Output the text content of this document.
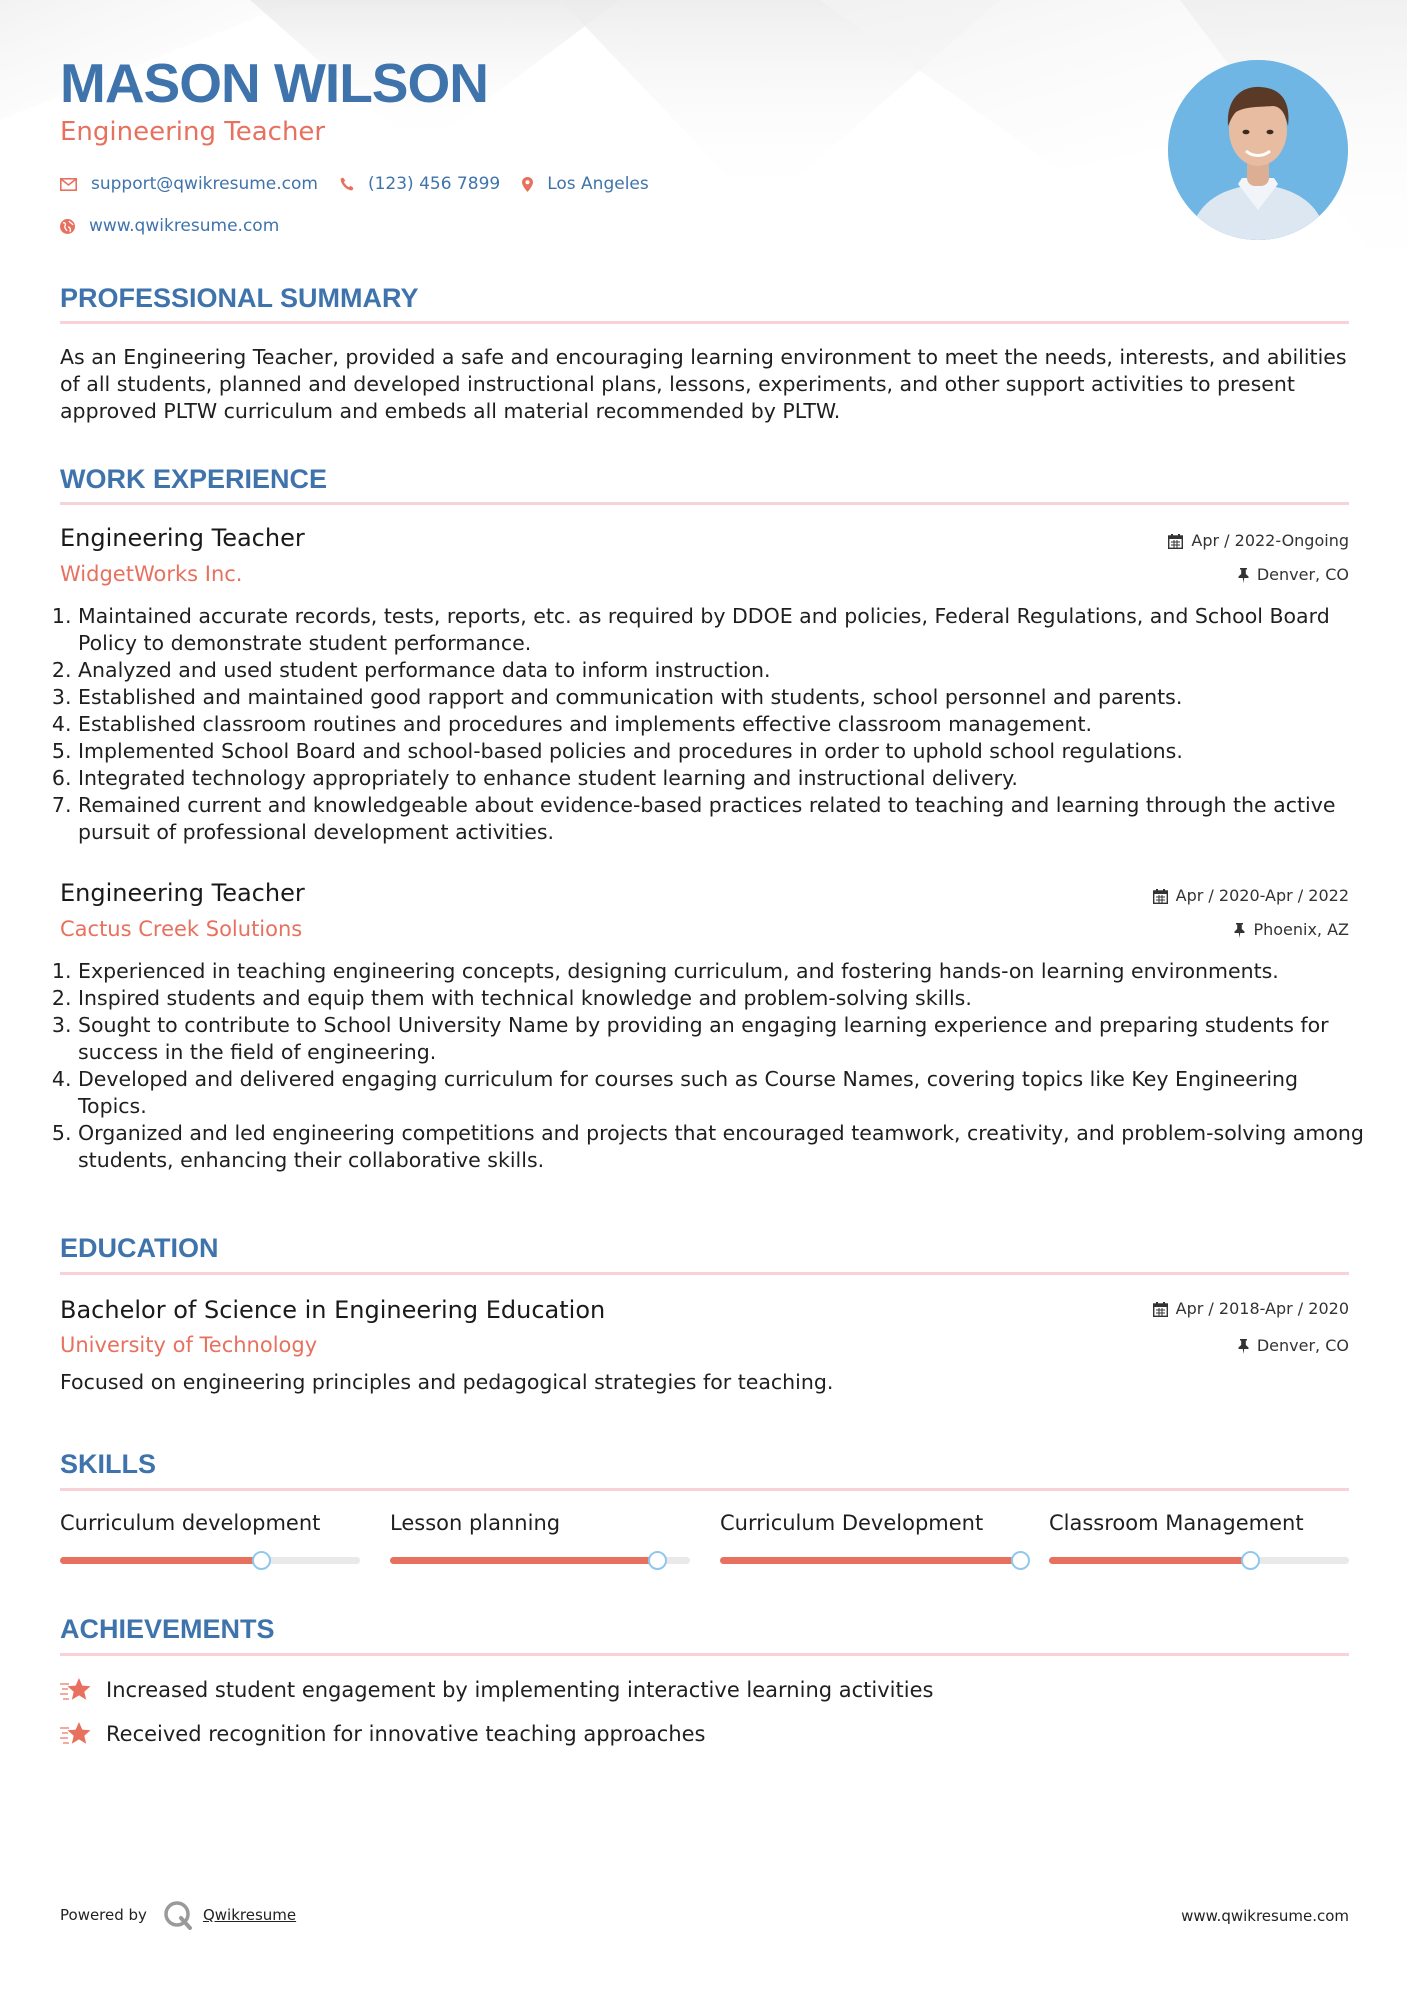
MASON WILSON
Engineering Teacher
support@qwikresume.com	(123) 456 7899	Los Angeles
www.qwikresume.com
PROFESSIONAL SUMMARY

As an Engineering Teacher, provided a safe and encouraging learning environment to meet the needs, interests, and abilities of all students, planned and developed instructional plans, lessons, experiments, and other support activities to present approved PLTW curriculum and embeds all material recommended by PLTW.

WORK EXPERIENCE
Engineering Teacher	Apr / 2022-Ongoing
WidgetWorks Inc.	Denver, CO
1. Maintained accurate records, tests, reports, etc. as required by DDOE and policies, Federal Regulations, and School Board Policy to demonstrate student performance.
2. Analyzed and used student performance data to inform instruction.
3. Established and maintained good rapport and communication with students, school personnel and parents.
4. Established classroom routines and procedures and implements effective classroom management.
5. Implemented School Board and school-based policies and procedures in order to uphold school regulations.
6. Integrated technology appropriately to enhance student learning and instructional delivery.
7. Remained current and knowledgeable about evidence-based practices related to teaching and learning through the active pursuit of professional development activities.
Engineering Teacher	Apr / 2020-Apr / 2022
Cactus Creek Solutions	Phoenix, AZ
1. Experienced in teaching engineering concepts, designing curriculum, and fostering hands-on learning environments.
2. Inspired students and equip them with technical knowledge and problem-solving skills.
3. Sought to contribute to School University Name by providing an engaging learning experience and preparing students for success in the field of engineering.
4. Developed and delivered engaging curriculum for courses such as Course Names, covering topics like Key Engineering Topics.
5. Organized and led engineering competitions and projects that encouraged teamwork, creativity, and problem-solving among students, enhancing their collaborative skills.
EDUCATION
Bachelor of Science in Engineering Education	Apr / 2018-Apr / 2020
University of Technology	Denver, CO

Focused on engineering principles and pedagogical strategies for teaching.

SKILLS
Curriculum development	Lesson planning	Curriculum Development	Classroom Management
ACHIEVEMENTS
Increased student engagement by implementing interactive learning activities
Received recognition for innovative teaching approaches
Powered by	Qwikresume	www.qwikresume.com
